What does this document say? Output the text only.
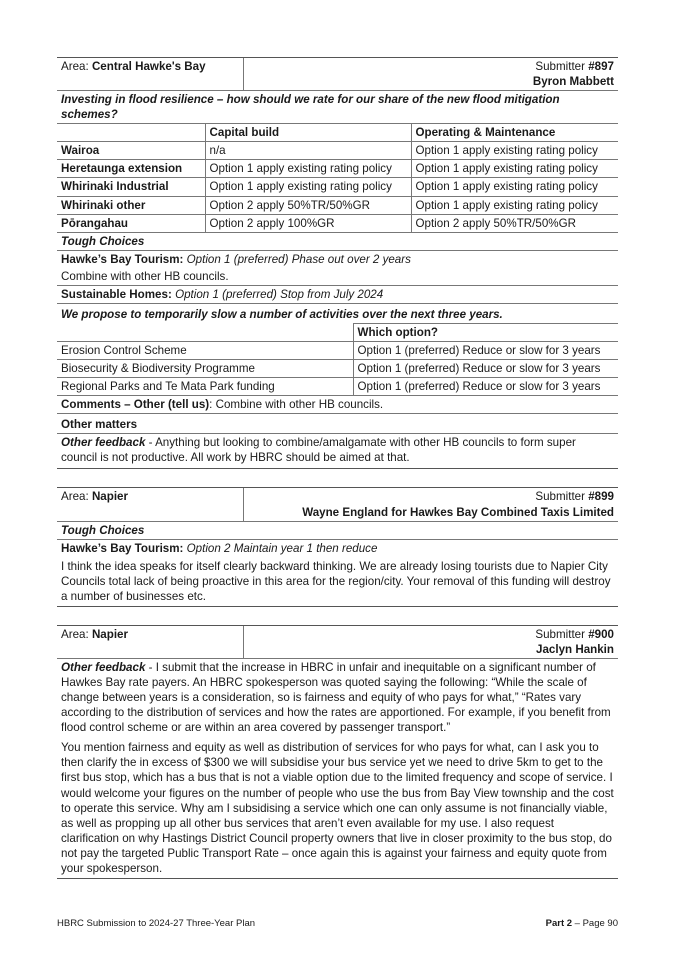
Area: Central Hawke's Bay	Submitter #897
Byron Mabbett
Investing in flood resilience – how should we rate for our share of the new flood mitigation schemes?
	Capital build	Operating & Maintenance
Wairoa	n/a	Option 1 apply existing rating policy
Heretaunga extension	Option 1 apply existing rating policy	Option 1 apply existing rating policy
Whirinaki Industrial	Option 1 apply existing rating policy	Option 1 apply existing rating policy
Whirinaki other	Option 2 apply 50%TR/50%GR	Option 1 apply existing rating policy
Pōrangahau	Option 2 apply 100%GR	Option 2 apply 50%TR/50%GR
Tough Choices
Hawke’s Bay Tourism: Option 1 (preferred) Phase out over 2 years
Combine with other HB councils.
Sustainable Homes: Option 1 (preferred) Stop from July 2024
We propose to temporarily slow a number of activities over the next three years.
	Which option?
Erosion Control Scheme	Option 1 (preferred) Reduce or slow for 3 years
Biosecurity & Biodiversity Programme	Option 1 (preferred) Reduce or slow for 3 years
Regional Parks and Te Mata Park funding	Option 1 (preferred) Reduce or slow for 3 years
Comments – Other (tell us): Combine with other HB councils.
Other matters
Other feedback - Anything but looking to combine/amalgamate with other HB councils to form super council is not productive. All work by HBRC should be aimed at that.
Area: Napier	Submitter #899
Wayne England for Hawkes Bay Combined Taxis Limited
Tough Choices
Hawke’s Bay Tourism: Option 2 Maintain year 1 then reduce

I think the idea speaks for itself clearly backward thinking. We are already losing tourists due to Napier City Councils total lack of being proactive in this area for the region/city. Your removal of this funding will destroy a number of businesses etc.

Area: Napier	Submitter #900
Jaclyn Hankin
Other feedback - I submit that the increase in HBRC in unfair and inequitable on a significant number of Hawkes Bay rate payers. An HBRC spokesperson was quoted saying the following: “While the scale of change between years is a consideration, so is fairness and equity of who pays for what,” “Rates vary according to the distribution of services and how the rates are apportioned. For example, if you benefit from flood control scheme or are within an area covered by passenger transport.”

You mention fairness and equity as well as distribution of services for who pays for what, can I ask you to then clarify the in excess of $300 we will subsidise your bus service yet we need to drive 5km to get to the first bus stop, which has a bus that is not a viable option due to the limited frequency and scope of service. I would welcome your figures on the number of people who use the bus from Bay View township and the cost to operate this service. Why am I subsidising a service which one can only assume is not financially viable, as well as propping up all other bus services that aren’t even available for my use. I also request clarification on why Hastings District Council property owners that live in closer proximity to the bus stop, do not pay the targeted Public Transport Rate – once again this is against your fairness and equity quote from your spokesperson.

HBRC Submission to 2024-27 Three-Year Plan	Part 2 – Page 90
